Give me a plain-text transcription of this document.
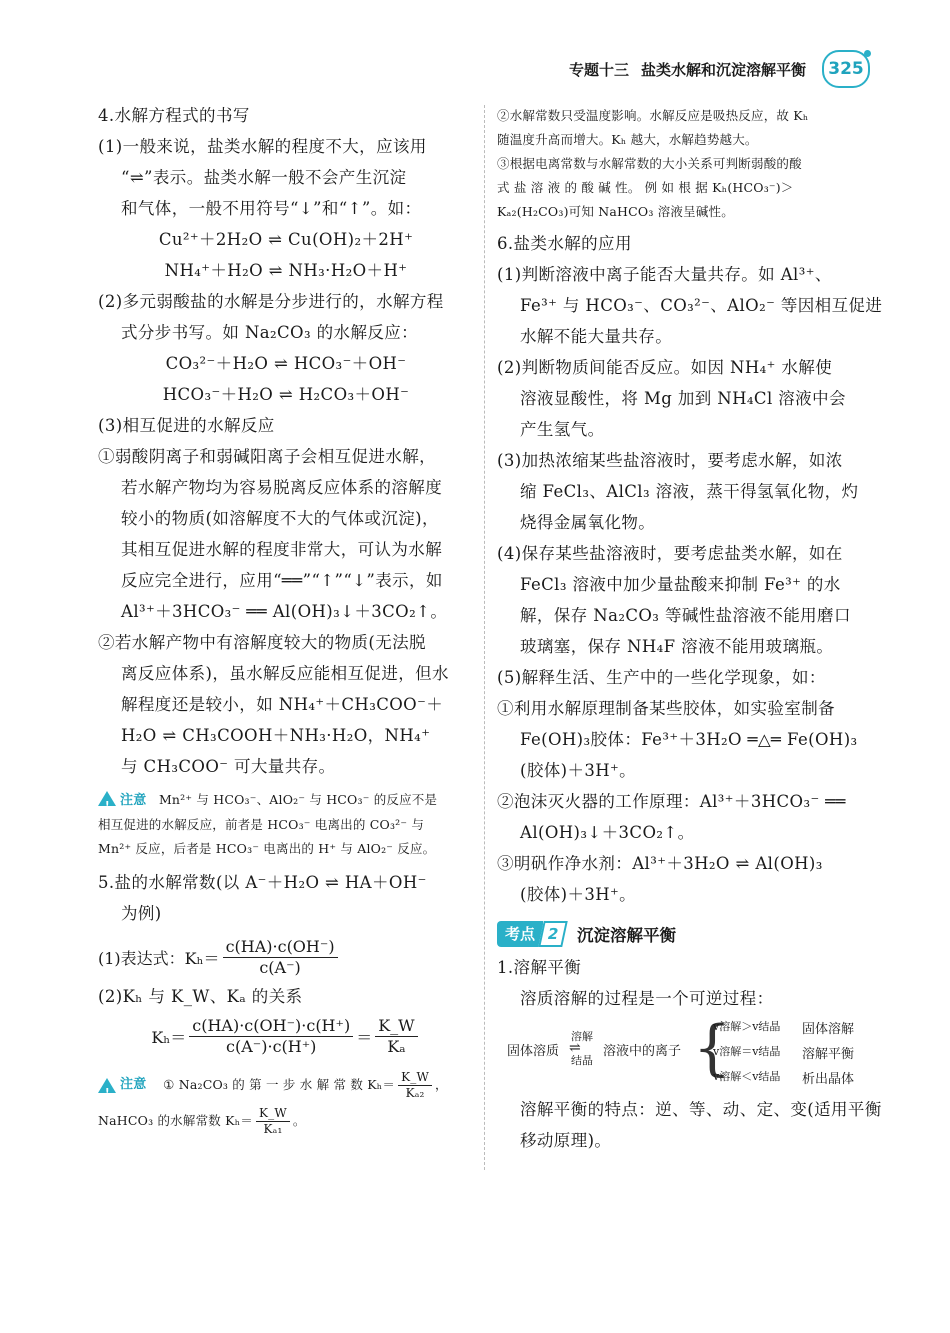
专题十三 盐类水解和沉淀溶解平衡 325
4.水解方程式的书写
(1)一般来说，盐类水解的程度不大，应该用
“⇌”表示。盐类水解一般不会产生沉淀
和气体，一般不用符号“↓”和“↑”。如：
Cu²⁺＋2H₂O ⇌ Cu(OH)₂＋2H⁺
NH₄⁺＋H₂O ⇌ NH₃·H₂O＋H⁺
(2)多元弱酸盐的水解是分步进行的，水解方程
式分步书写。如 Na₂CO₃ 的水解反应：
CO₃²⁻＋H₂O ⇌ HCO₃⁻＋OH⁻
HCO₃⁻＋H₂O ⇌ H₂CO₃＋OH⁻
(3)相互促进的水解反应
①弱酸阴离子和弱碱阳离子会相互促进水解，
若水解产物均为容易脱离反应体系的溶解度
较小的物质(如溶解度不大的气体或沉淀)，
其相互促进水解的程度非常大，可认为水解
反应完全进行，应用“══”“↑”“↓”表示，如
Al³⁺＋3HCO₃⁻ ══ Al(OH)₃↓＋3CO₂↑。
②若水解产物中有溶解度较大的物质(无法脱
离反应体系)，虽水解反应能相互促进，但水
解程度还是较小，如 NH₄⁺＋CH₃COO⁻＋
H₂O ⇌ CH₃COOH＋NH₃·H₂O，NH₄⁺
与 CH₃COO⁻ 可大量共存。
! 注意 Mn²⁺ 与 HCO₃⁻、AlO₂⁻ 与 HCO₃⁻ 的反应不是
相互促进的水解反应，前者是 HCO₃⁻ 电离出的 CO₃²⁻ 与
Mn²⁺ 反应，后者是 HCO₃⁻ 电离出的 H⁺ 与 AlO₂⁻ 反应。
5.盐的水解常数(以 A⁻＋H₂O ⇌ HA＋OH⁻
为例)
(1)表达式： $K_h= \frac{c(HA)\cdot c(OH^-)}{c(A^-)}$
(2)Kₕ 与 K_W、Kₐ 的关系
$K_h= \frac{c(HA)\cdot c(OH^-)\cdot c(H^+)}{c(A^-)\cdot c(H^+)} = \frac{K\_W}{\text{Kₐ}}$
! 注意
① Na₂CO₃ 的 第 一 步 水 解 常 数 $K_h= \frac{K\_W}{\text{Kₐ₂}}$ ，
NaHCO₃ 的水解常数 $K_h= \frac{K\_W}{\text{Kₐ₁}}$ 。
②水解常数只受温度影响。水解反应是吸热反应，故 Kₕ
随温度升高而增大。Kₕ 越大，水解趋势越大。
③根据电离常数与水解常数的大小关系可判断弱酸的酸
式 盐 溶 液 的 酸 碱 性。 例 如 根 据 Kₕ(HCO₃⁻)＞
Kₐ₂(H₂CO₃)可知 NaHCO₃ 溶液呈碱性。
6.盐类水解的应用
(1)判断溶液中离子能否大量共存。如 Al³⁺、
Fe³⁺ 与 HCO₃⁻、CO₃²⁻、AlO₂⁻ 等因相互促进
水解不能大量共存。
(2)判断物质间能否反应。如因 NH₄⁺ 水解使
溶液显酸性，将 Mg 加到 NH₄Cl 溶液中会
产生氢气。
(3)加热浓缩某些盐溶液时，要考虑水解，如浓
缩 FeCl₃、AlCl₃ 溶液，蒸干得氢氧化物，灼
烧得金属氧化物。
(4)保存某些盐溶液时，要考虑盐类水解，如在
FeCl₃ 溶液中加少量盐酸来抑制 Fe³⁺ 的水
解，保存 Na₂CO₃ 等碱性盐溶液不能用磨口
玻璃塞，保存 NH₄F 溶液不能用玻璃瓶。
(5)解释生活、生产中的一些化学现象，如：
①利用水解原理制备某些胶体，如实验室制备
Fe(OH)₃胶体：Fe³⁺＋3H₂O ═△═ Fe(OH)₃
(胶体)＋3H⁺。
②泡沫灭火器的工作原理：Al³⁺＋3HCO₃⁻ ══
Al(OH)₃↓＋3CO₂↑。
③明矾作净水剂：Al³⁺＋3H₂O ⇌ Al(OH)₃
(胶体)＋3H⁺。
考点 2	沉淀溶解平衡
1.溶解平衡
溶质溶解的过程是一个可逆过程：
固体溶质
溶解
⇌
结晶
溶液中的离子 {
v溶解＞v结晶
v溶解＝v结晶
v溶解＜v结晶
固体溶解
溶解平衡
析出晶体
溶解平衡的特点：逆、等、动、定、变(适用平衡
移动原理)。
